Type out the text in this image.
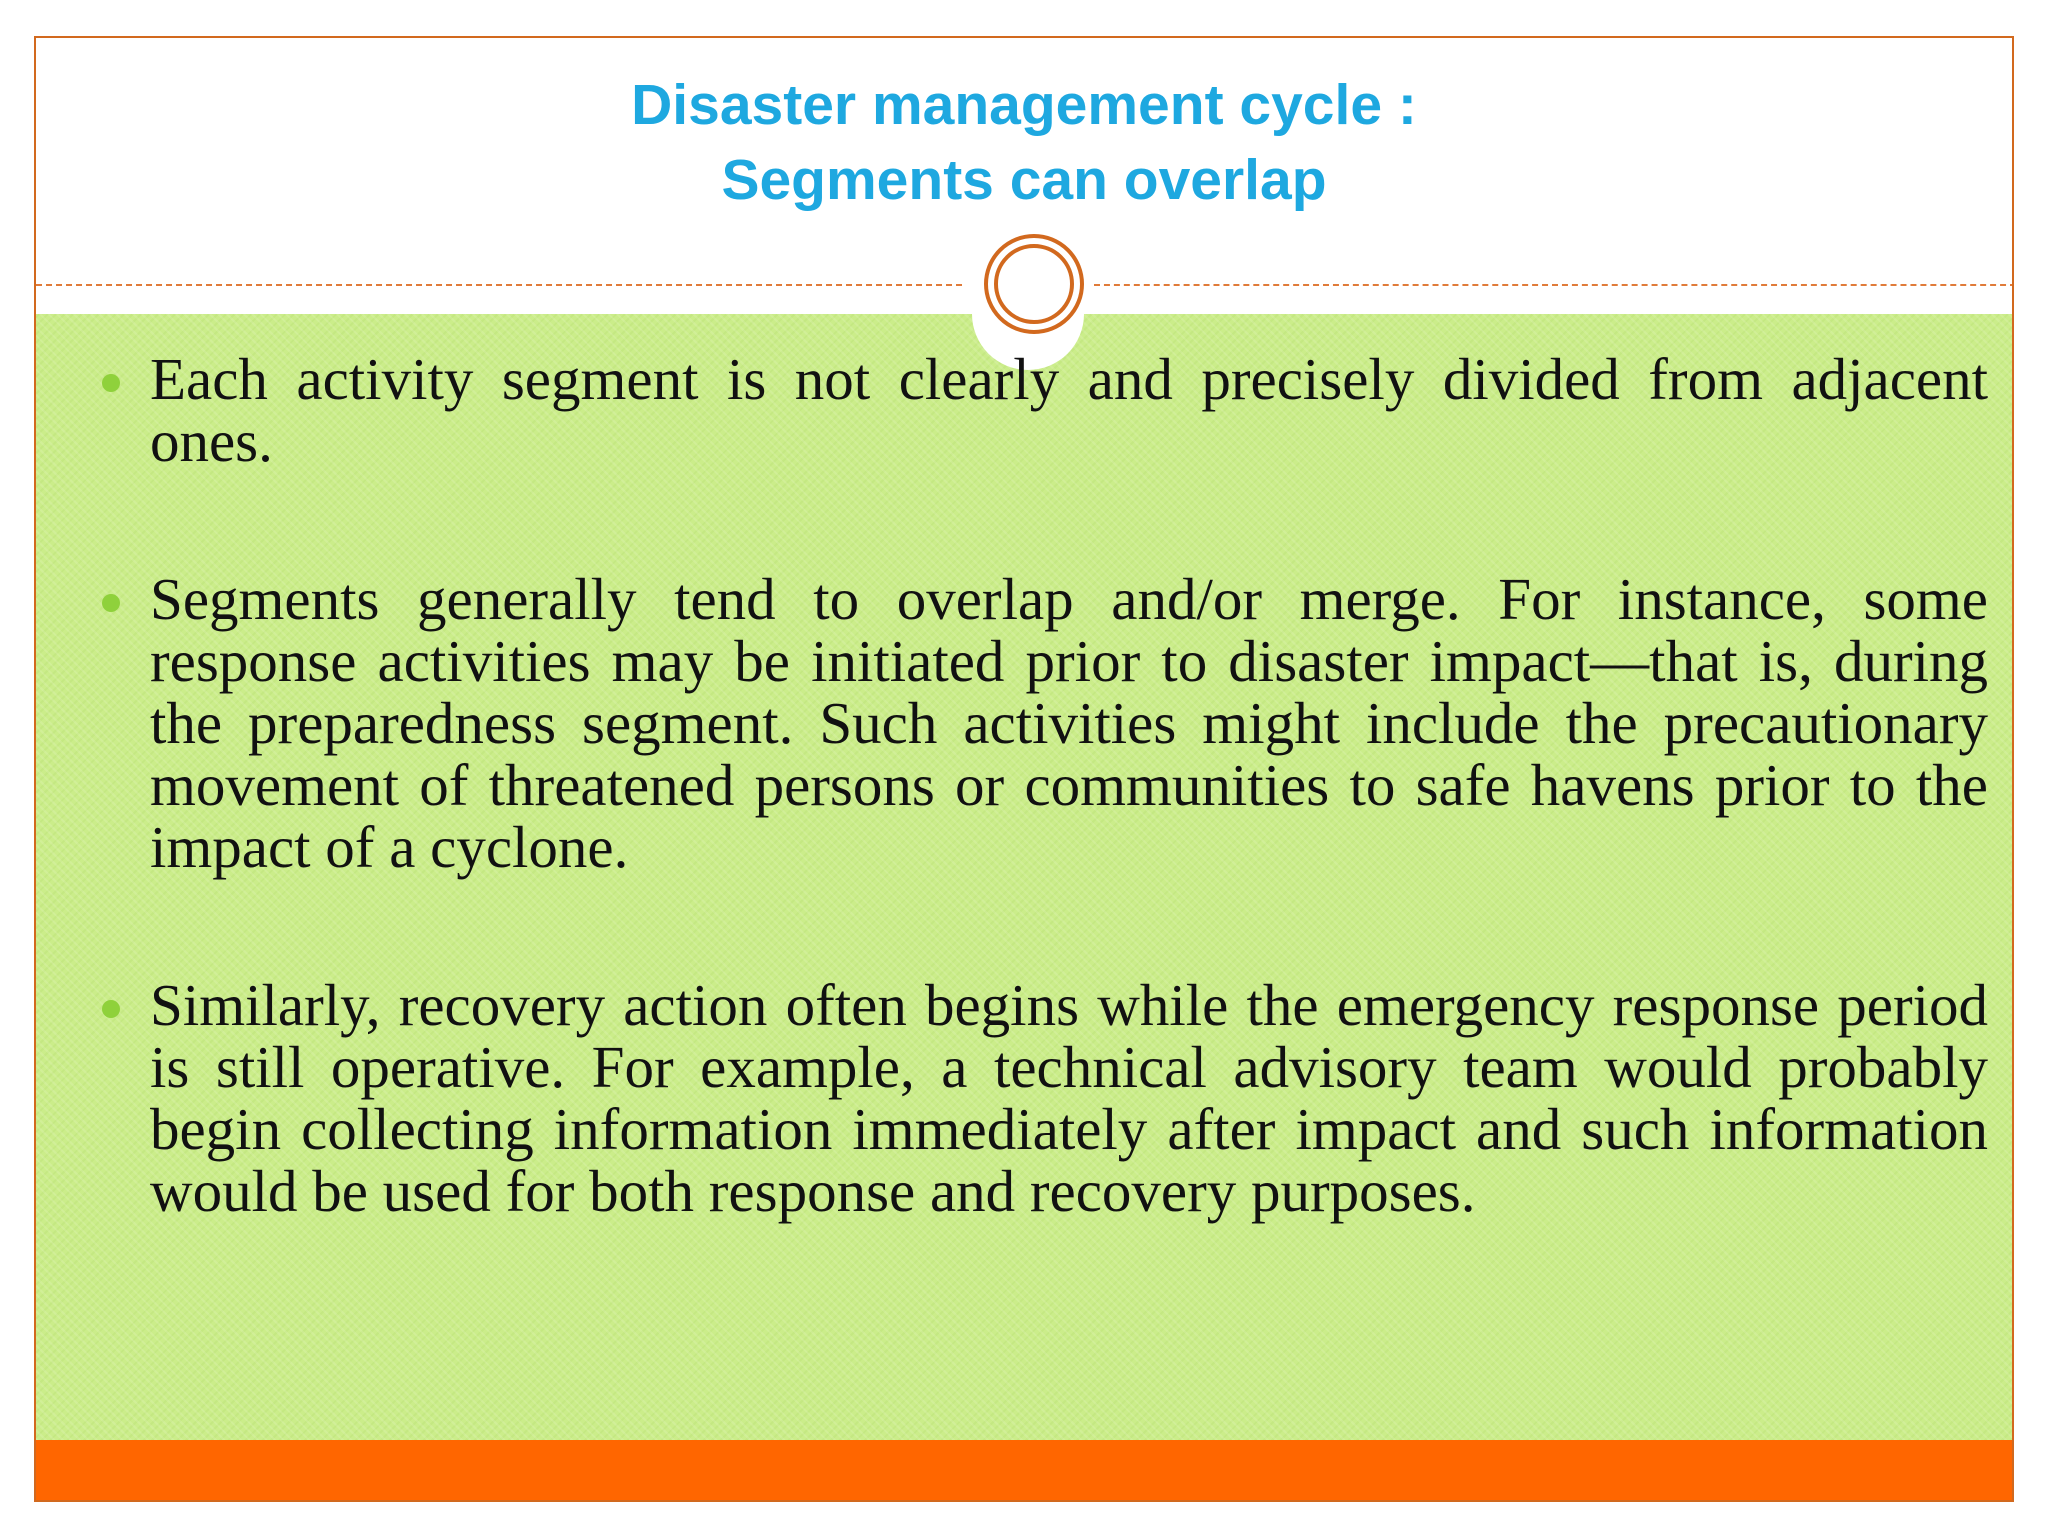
Disaster management cycle :
Segments can overlap
Each activity segment is not clearly and precisely divided from adjacent ones.
Segments generally tend to overlap and/or merge. For instance, some response activities may be initiated prior to disaster impact—that is, during the preparedness segment. Such activities might include the precautionary movement of threatened persons or communities to safe havens prior to the impact of a cyclone.
Similarly, recovery action often begins while the emergency response period is still operative. For example, a technical advisory team would probably begin collecting information immediately after impact and such information would be used for both response and recovery purposes.
